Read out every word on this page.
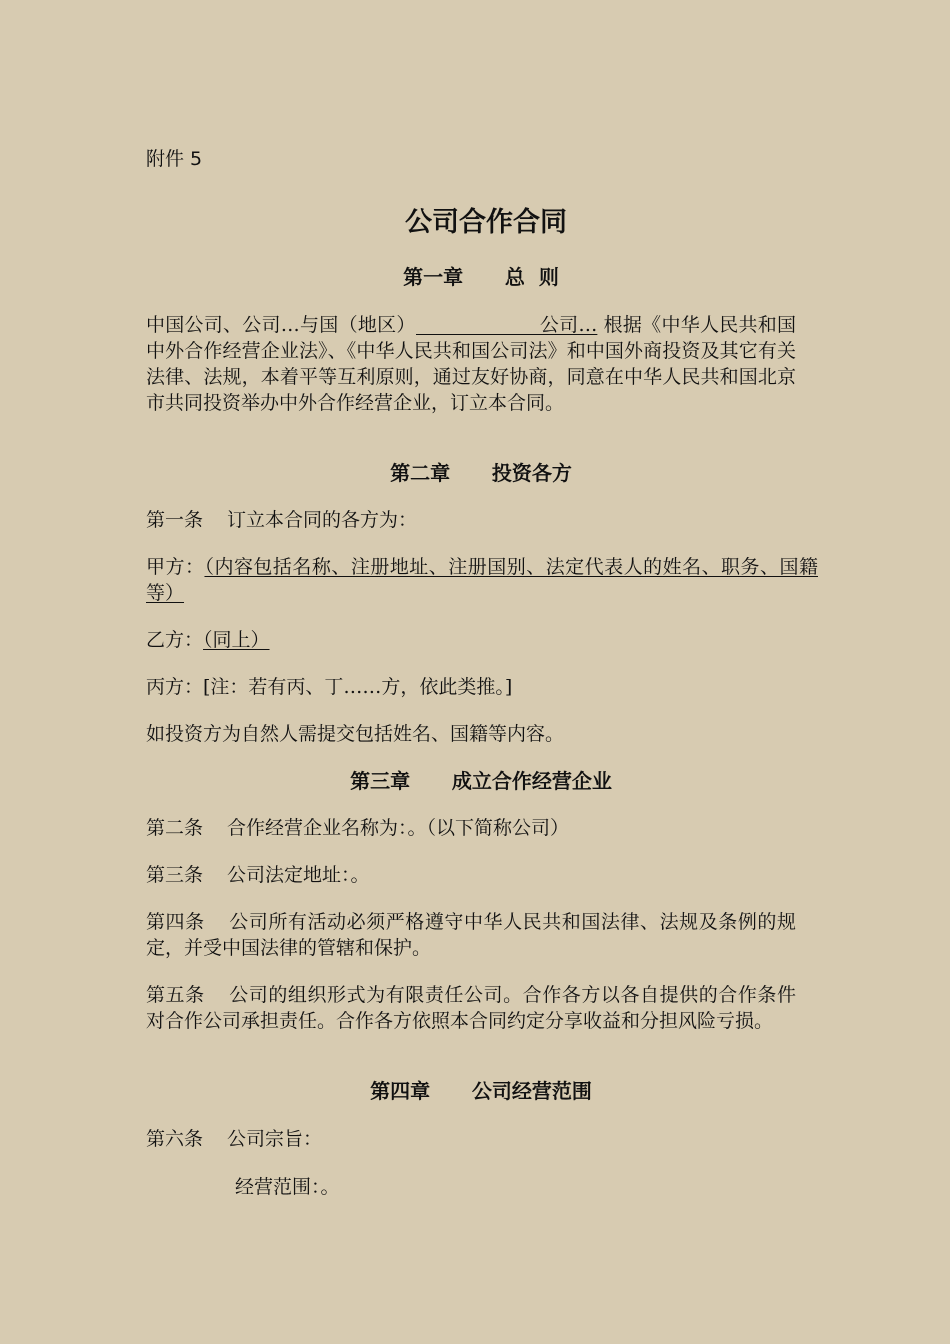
附件 5
公司合作合同
第一章      总  则
中国公司、公司…与国（地区）	公司… 根据《中华人民共和国中外合作经营企业法》、《中华人民共和国公司法》和中国外商投资及其它有关法律、法规，本着平等互利原则，通过友好协商，同意在中华人民共和国北京市共同投资举办中外合作经营企业，订立本合同。
第二章      投资各方
第一条 订立本合同的各方为：
甲方：（内容包括名称、注册地址、注册国别、法定代表人的姓名、职务、国籍等）
乙方：（同上）
丙方：[注：若有丙、丁……方，依此类推。]
如投资方为自然人需提交包括姓名、国籍等内容。
第三章      成立合作经营企业
第二条 合作经营企业名称为：。（以下简称公司）
第三条 公司法定地址：。
第四条 公司所有活动必须严格遵守中华人民共和国法律、法规及条例的规定，并受中国法律的管辖和保护。
第五条 公司的组织形式为有限责任公司。合作各方以各自提供的合作条件对合作公司承担责任。合作各方依照本合同约定分享收益和分担风险亏损。
第四章      公司经营范围
第六条 公司宗旨：
经营范围：。
